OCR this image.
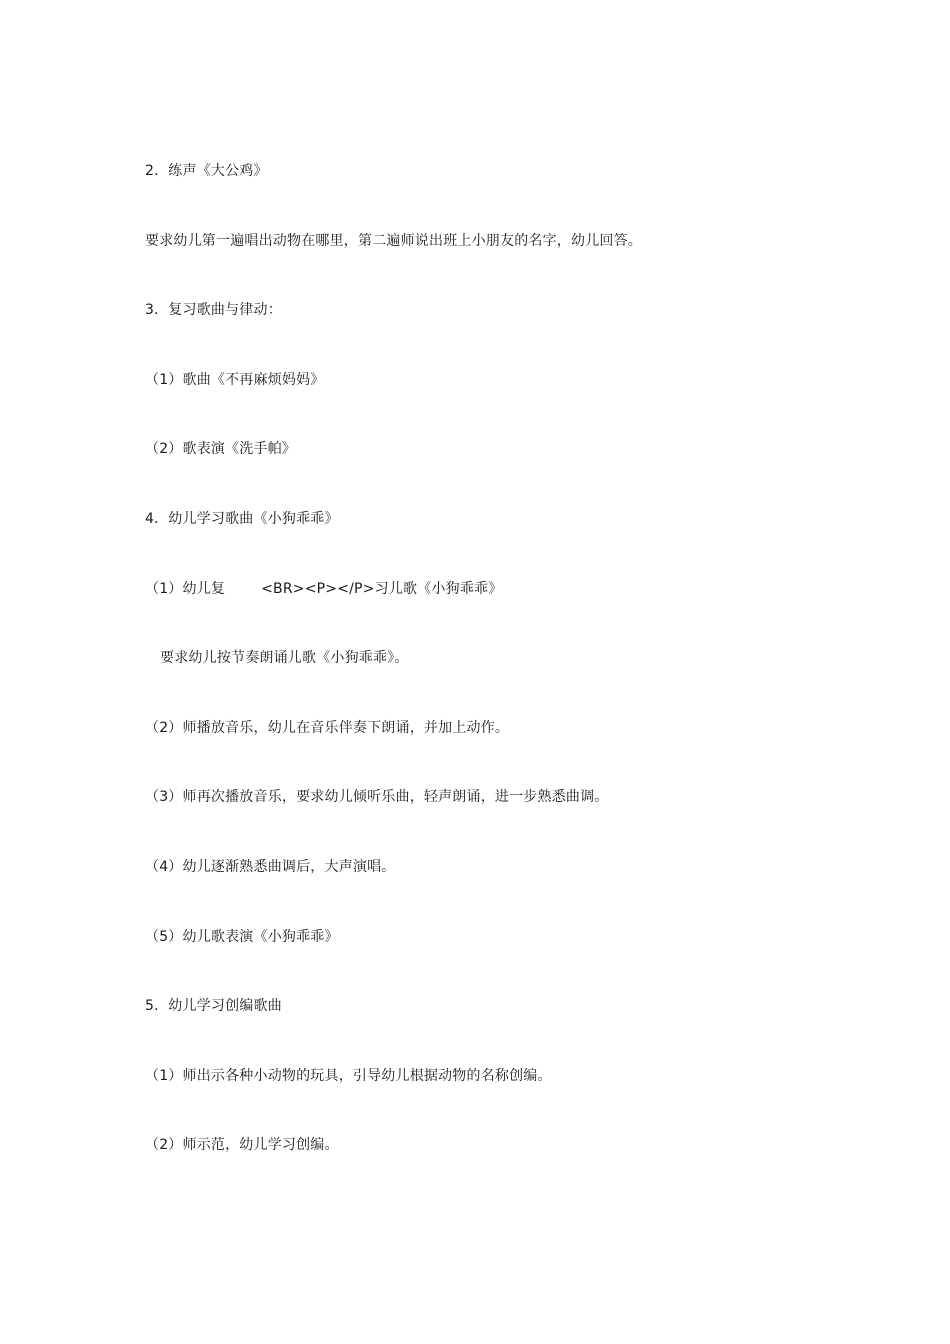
2．练声《大公鸡》
要求幼儿第一遍唱出动物在哪里，第二遍师说出班上小朋友的名字，幼儿回答。
3．复习歌曲与律动：
（1）歌曲《不再麻烦妈妈》
（2）歌表演《洗手帕》
4．幼儿学习歌曲《小狗乖乖》
（1）幼儿复	<BR><P></P>习儿歌《小狗乖乖》
要求幼儿按节奏朗诵儿歌《小狗乖乖》。
（2）师播放音乐，幼儿在音乐伴奏下朗诵，并加上动作。
（3）师再次播放音乐，要求幼儿倾听乐曲，轻声朗诵，进一步熟悉曲调。
（4）幼儿逐渐熟悉曲调后，大声演唱。
（5）幼儿歌表演《小狗乖乖》
5．幼儿学习创编歌曲
（1）师出示各种小动物的玩具，引导幼儿根据动物的名称创编。
（2）师示范，幼儿学习创编。
